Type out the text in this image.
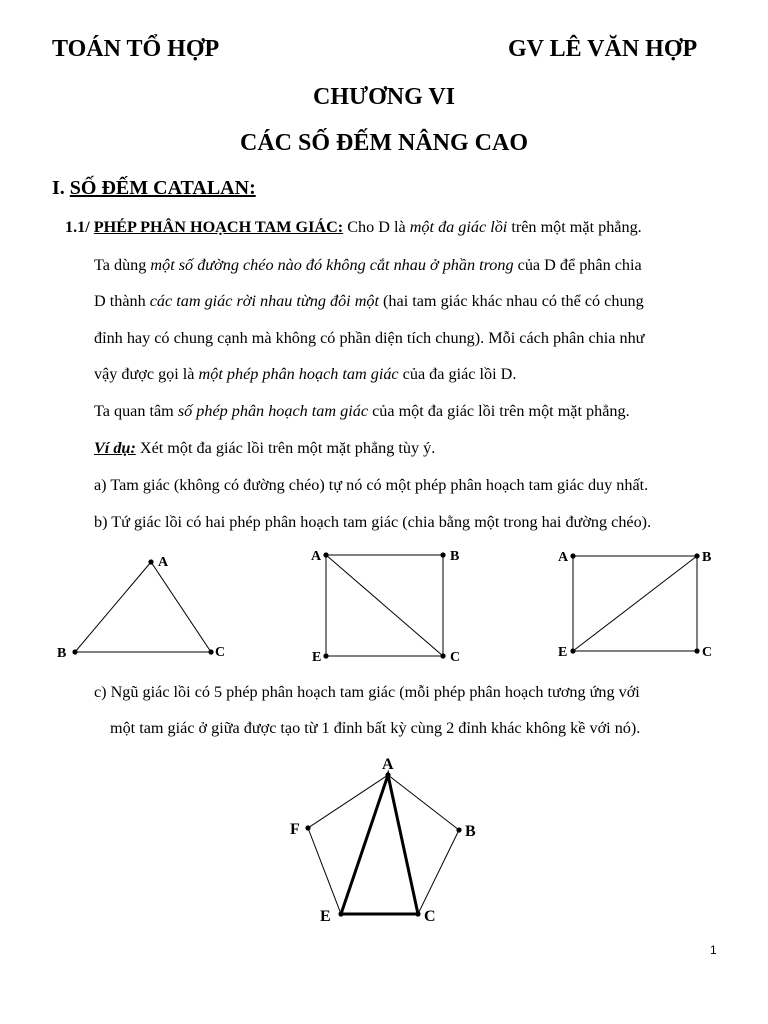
TOÁN TỔ HỢP	GV LÊ VĂN HỢP
CHƯƠNG VI
CÁC SỐ ĐẾM NÂNG CAO
I. SỐ ĐẾM CATALAN:
1.1/ PHÉP PHÂN HOẠCH TAM GIÁC: Cho D là một đa giác lồi trên một mặt phẳng.
Ta dùng một số đường chéo nào đó không cắt nhau ở phần trong của D để phân chia
D thành các tam giác rời nhau từng đôi một (hai tam giác khác nhau có thể có chung
đỉnh hay có chung cạnh mà không có phần diện tích chung). Mỗi cách phân chia như
vậy được gọi là một phép phân hoạch tam giác của đa giác lồi D.
Ta quan tâm số phép phân hoạch tam giác của một đa giác lồi trên một mặt phẳng.
Ví dụ: Xét một đa giác lồi trên một mặt phẳng tùy ý.
a) Tam giác (không có đường chéo) tự nó có một phép phân hoạch tam giác duy nhất.
b) Tứ giác lồi có hai phép phân hoạch tam giác (chia bằng một trong hai đường chéo).
A
B	C
A	B
E	C
A	B
E	C
c) Ngũ giác lồi có 5 phép phân hoạch tam giác (mỗi phép phân hoạch tương ứng với
một tam giác ở giữa được tạo từ 1 đỉnh bất kỳ cùng 2 đỉnh khác không kề với nó).
A
B
C
E
F
1
